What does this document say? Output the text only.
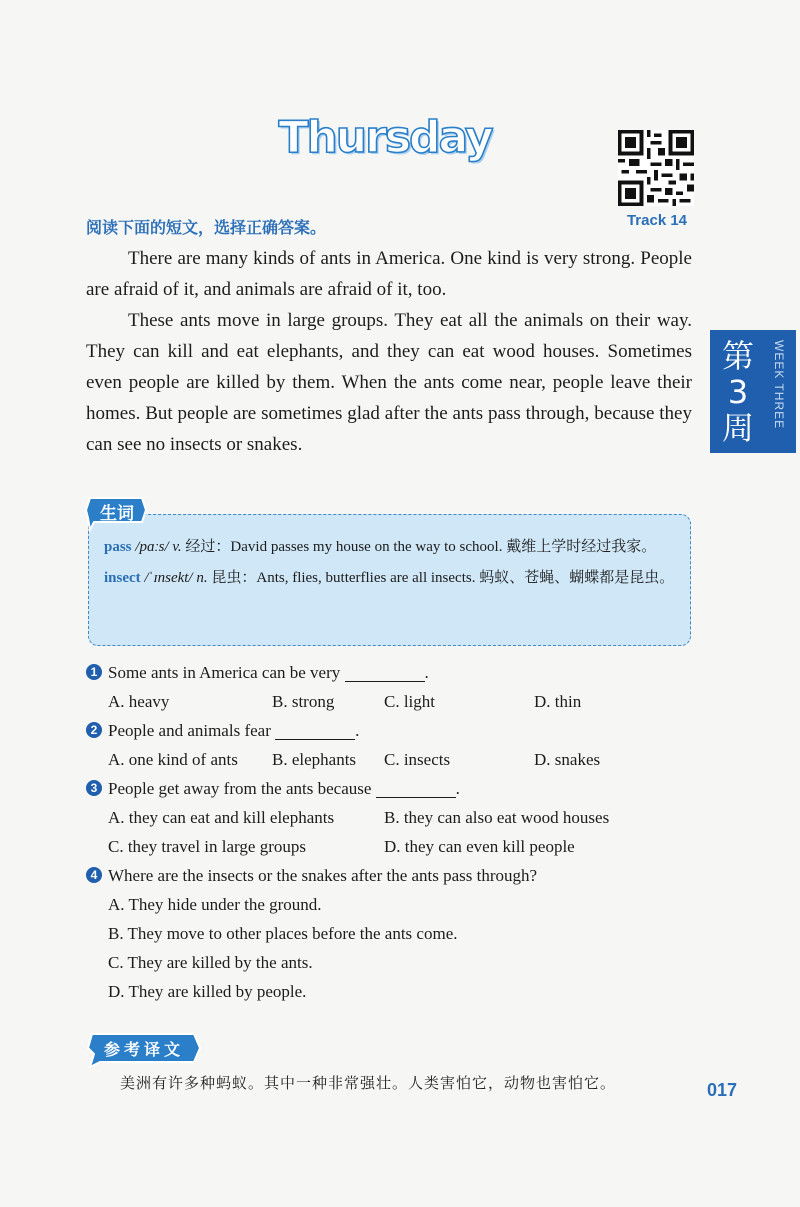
Thursday
Track 14
阅读下面的短文，选择正确答案。

There are many kinds of ants in America. One kind is very strong. People are afraid of it, and animals are afraid of it, too.

These ants move in large groups. They eat all the animals on their way. They can kill and eat elephants, and they can eat wood houses. Sometimes even people are killed by them. When the ants come near, people leave their homes. But people are sometimes glad after the ants pass through, because they can see no insects or snakes.

第3周	WEEK THREE
生词

pass /pɑːs/ v. 经过：David passes my house on the way to school. 戴维上学时经过我家。

insect /ˈɪnsekt/ n. 昆虫：Ants, flies, butterflies are all insects. 蚂蚁、苍蝇、蝴蝶都是昆虫。

1 Some ants in America can be very	.
A. heavy	B. strong	C. light	D. thin
2 People and animals fear	.
A. one kind of ants B. elephants C. insects	D. snakes
3 People get away from the ants because	.
A. they can eat and kill elephants	B. they can also eat wood houses
C. they travel in large groups	D. they can even kill people
4 Where are the insects or the snakes after the ants pass through?
A. They hide under the ground.
B. They move to other places before the ants come.
C. They are killed by the ants.
D. They are killed by people.
参考译文
美洲有许多种蚂蚁。其中一种非常强壮。人类害怕它，动物也害怕它。	017
